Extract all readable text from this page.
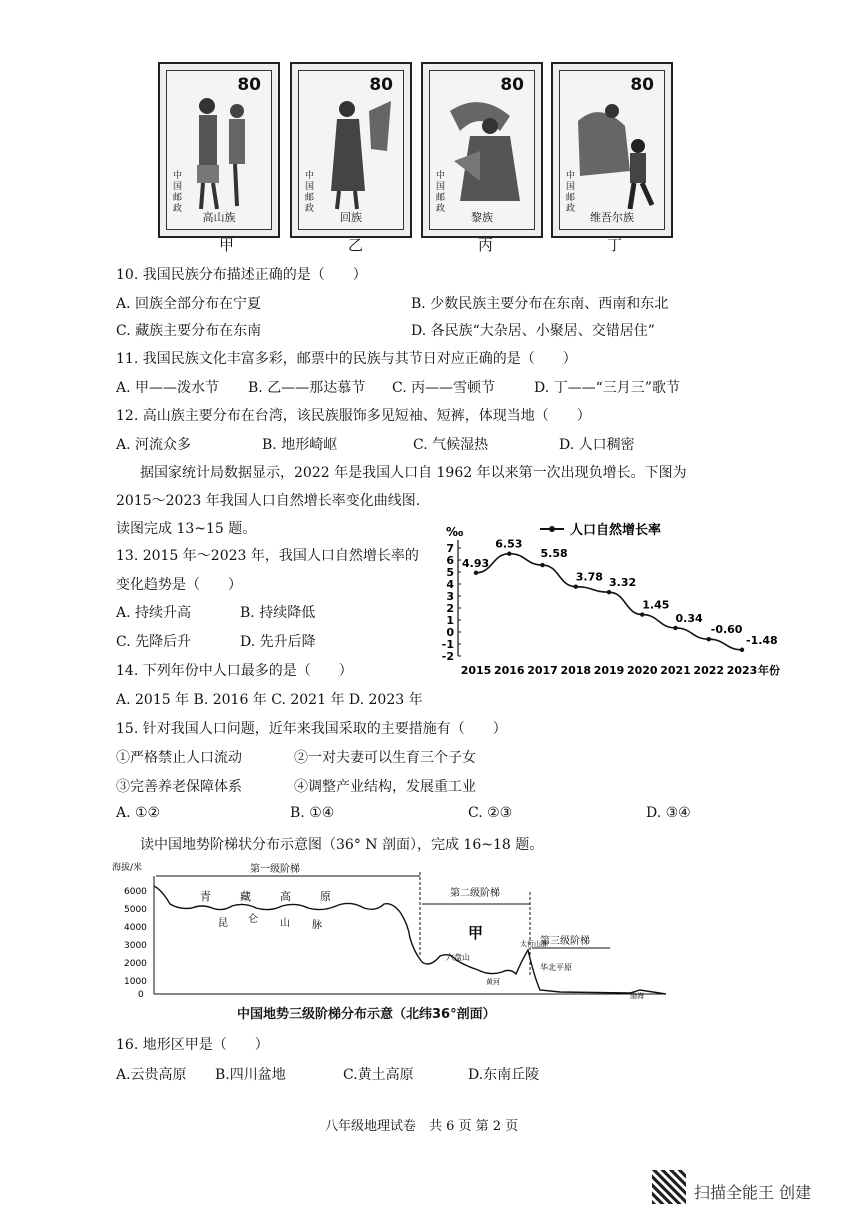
80
中国邮政
高山族
80
中国邮政
回族
80
中国邮政
黎族
80
中国邮政
维吾尔族
甲	乙	丙	丁
10. 我国民族分布描述正确的是（　　）
A. 回族全部分布在宁夏	B. 少数民族主要分布在东南、西南和东北
C. 藏族主要分布在东南	D. 各民族“大杂居、小聚居、交错居住”
11. 我国民族文化丰富多彩，邮票中的民族与其节日对应正确的是（　　）
A. 甲——泼水节 B. 乙——那达慕节 C. 丙——雪顿节	D. 丁——“三月三”歌节
12. 高山族主要分布在台湾，该民族服饰多见短袖、短裤，体现当地（　　）
A. 河流众多	B. 地形崎岖	C. 气候湿热	D. 人口稠密
据国家统计局数据显示，2022 年是我国人口自 1962 年以来第一次出现负增长。下图为
2015～2023 年我国人口自然增长率变化曲线图.
读图完成 13~15 题。
13. 2015 年～2023 年，我国人口自然增长率的
变化趋势是（　　）
A. 持续升高	B. 持续降低
C. 先降后升	D. 先升后降
14. 下列年份中人口最多的是（　　）
A. 2015 年 B. 2016 年 C. 2021 年 D. 2023 年
‰	人口自然增长率
7
6
5
4
3
2
1
0
-1
-2
4.93
6.53
5.58
3.78 3.32
1.45
0.34
-0.60
-1.48
2015 2016 2017 2018 2019 2020 2021 2022 2023 年份
15. 针对我国人口问题，近年来我国采取的主要措施有（　　）
①严格禁止人口流动	②一对夫妻可以生育三个子女
③完善养老保障体系	④调整产业结构，发展重工业
A. ①②	B. ①④	C. ②③	D. ③④
读中国地势阶梯状分布示意图（36° N 剖面），完成 16~18 题。
海拔/米
6000
5000
4000
3000
2000
1000
0
第一级阶梯
第二级阶梯
第三级阶梯
青	藏	高	原
昆 仑 山 脉	甲
六盘山
太行山脉
华北平原
黄河
渤海
中国地势三级阶梯分布示意（北纬36°剖面）
16. 地形区甲是（　　）
A.云贵高原 B.四川盆地	C.黄土高原	D.东南丘陵
八年级地理试卷　共 6 页 第 2 页
扫描全能王 创建
